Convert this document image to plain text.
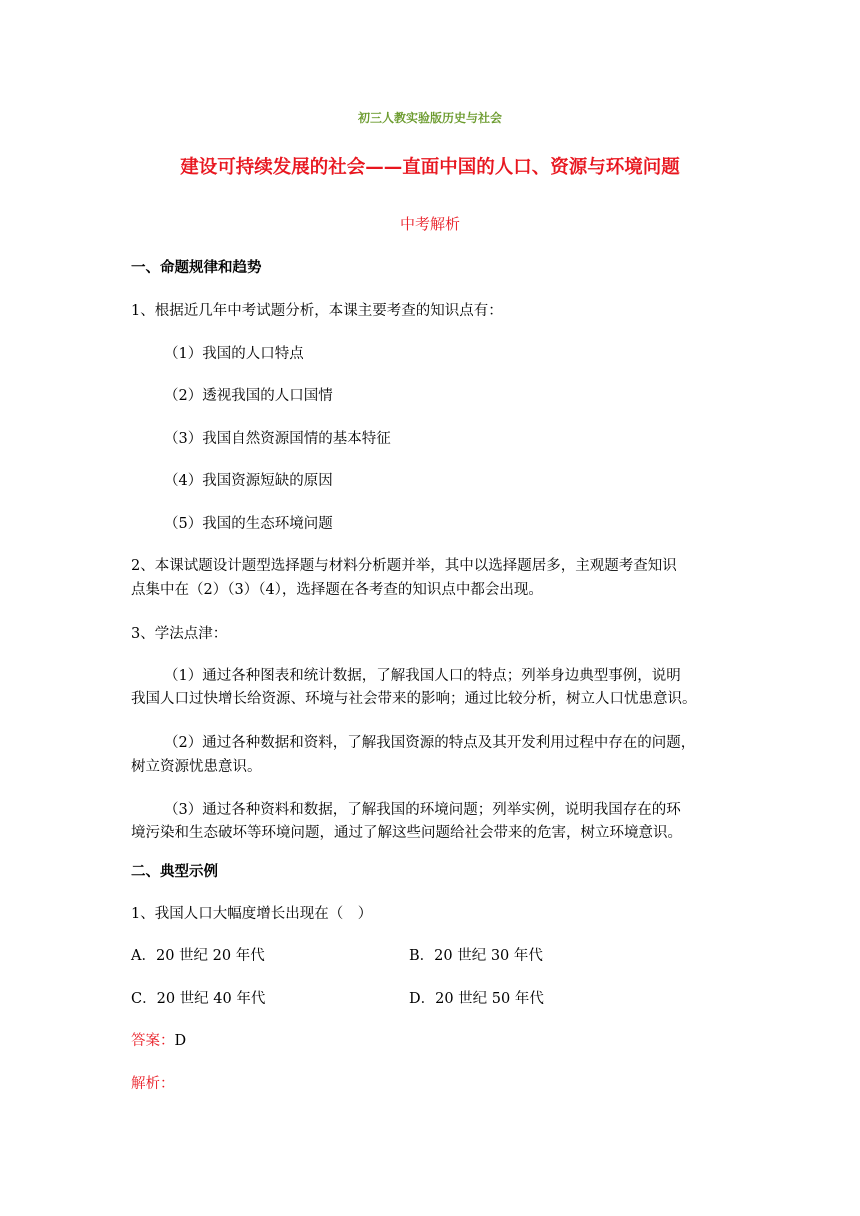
初三人教实验版历史与社会
建设可持续发展的社会——直面中国的人口、资源与环境问题
中考解析
一、命题规律和趋势
1、根据近几年中考试题分析，本课主要考查的知识点有：
（1）我国的人口特点
（2）透视我国的人口国情
（3）我国自然资源国情的基本特征
（4）我国资源短缺的原因
（5）我国的生态环境问题
2、本课试题设计题型选择题与材料分析题并举，其中以选择题居多，主观题考查知识
点集中在（2）（3）（4），选择题在各考查的知识点中都会出现。
3、学法点津：
（1）通过各种图表和统计数据，了解我国人口的特点；列举身边典型事例，说明
我国人口过快增长给资源、环境与社会带来的影响；通过比较分析，树立人口忧患意识。
（2）通过各种数据和资料，了解我国资源的特点及其开发利用过程中存在的问题，
树立资源忧患意识。
（3）通过各种资料和数据，了解我国的环境问题；列举实例，说明我国存在的环
境污染和生态破坏等环境问题，通过了解这些问题给社会带来的危害，树立环境意识。
二、典型示例
1、我国人口大幅度增长出现在（　）
A．20 世纪 20 年代	B．20 世纪 30 年代
C．20 世纪 40 年代	D．20 世纪 50 年代
答案：D
解析：
